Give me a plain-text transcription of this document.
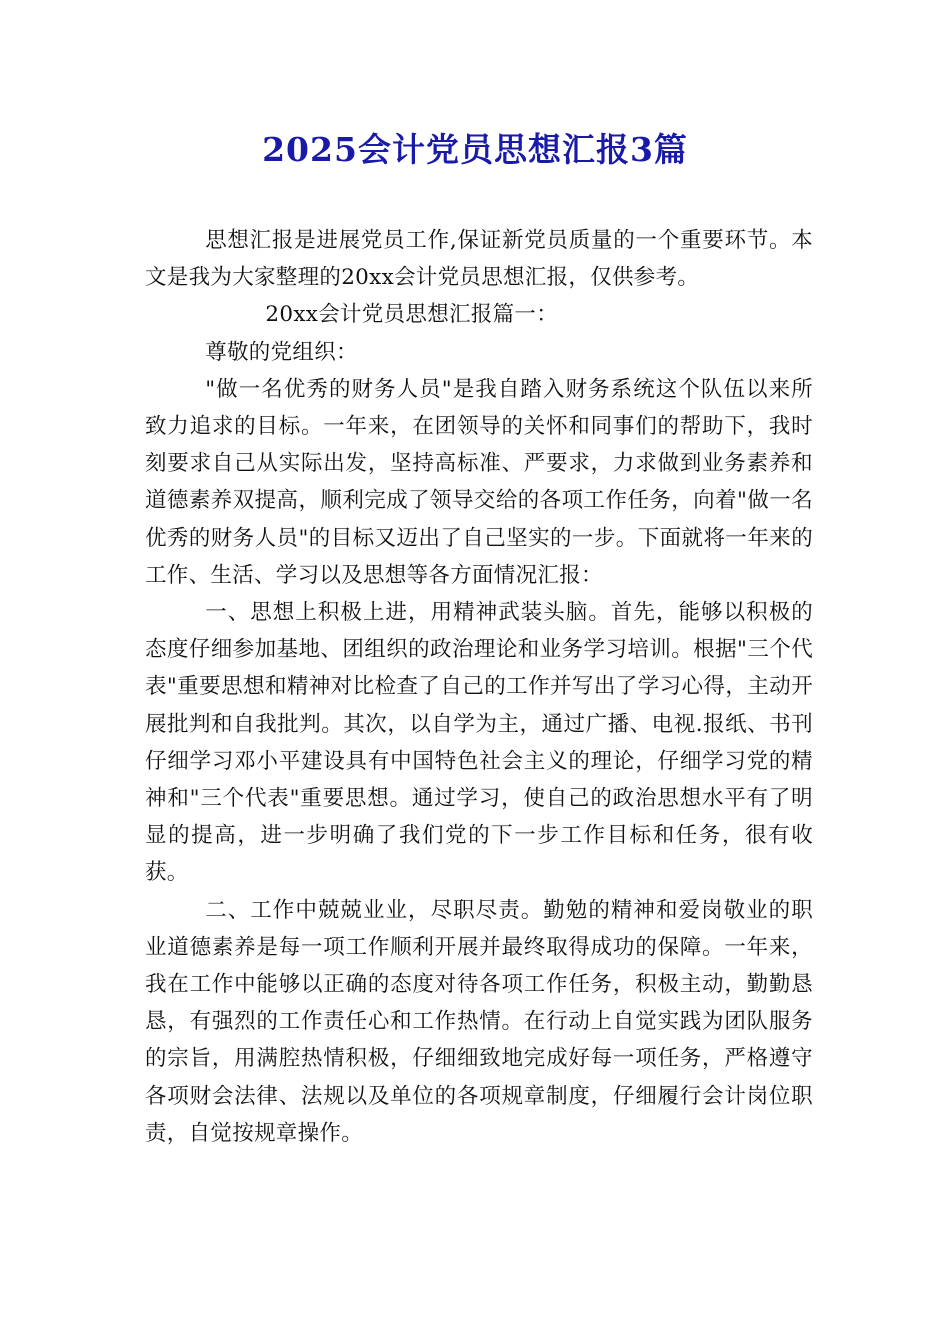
2025会计党员思想汇报3篇

思想汇报是进展党员工作,保证新党员质量的一个重要环节。本文是我为大家整理的20xx会计党员思想汇报，仅供参考。

20xx会计党员思想汇报篇一：

尊敬的党组织：

"做一名优秀的财务人员"是我自踏入财务系统这个队伍以来所致力追求的目标。一年来，在团领导的关怀和同事们的帮助下，我时刻要求自己从实际出发，坚持高标准、严要求，力求做到业务素养和道德素养双提高，顺利完成了领导交给的各项工作任务，向着"做一名优秀的财务人员"的目标又迈出了自己坚实的一步。下面就将一年来的工作、生活、学习以及思想等各方面情况汇报：

一、思想上积极上进，用精神武装头脑。首先，能够以积极的态度仔细参加基地、团组织的政治理论和业务学习培训。根据"三个代表"重要思想和精神对比检查了自己的工作并写出了学习心得，主动开展批判和自我批判。其次，以自学为主，通过广播、电视.报纸、书刊仔细学习邓小平建设具有中国特色社会主义的理论，仔细学习党的精神和"三个代表"重要思想。通过学习，使自己的政治思想水平有了明显的提高，进一步明确了我们党的下一步工作目标和任务，很有收获。

二、工作中兢兢业业，尽职尽责。勤勉的精神和爱岗敬业的职业道德素养是每一项工作顺利开展并最终取得成功的保障。一年来，我在工作中能够以正确的态度对待各项工作任务，积极主动，勤勤恳恳，有强烈的工作责任心和工作热情。在行动上自觉实践为团队服务的宗旨，用满腔热情积极，仔细细致地完成好每一项任务，严格遵守各项财会法律、法规以及单位的各项规章制度，仔细履行会计岗位职责，自觉按规章操作。
